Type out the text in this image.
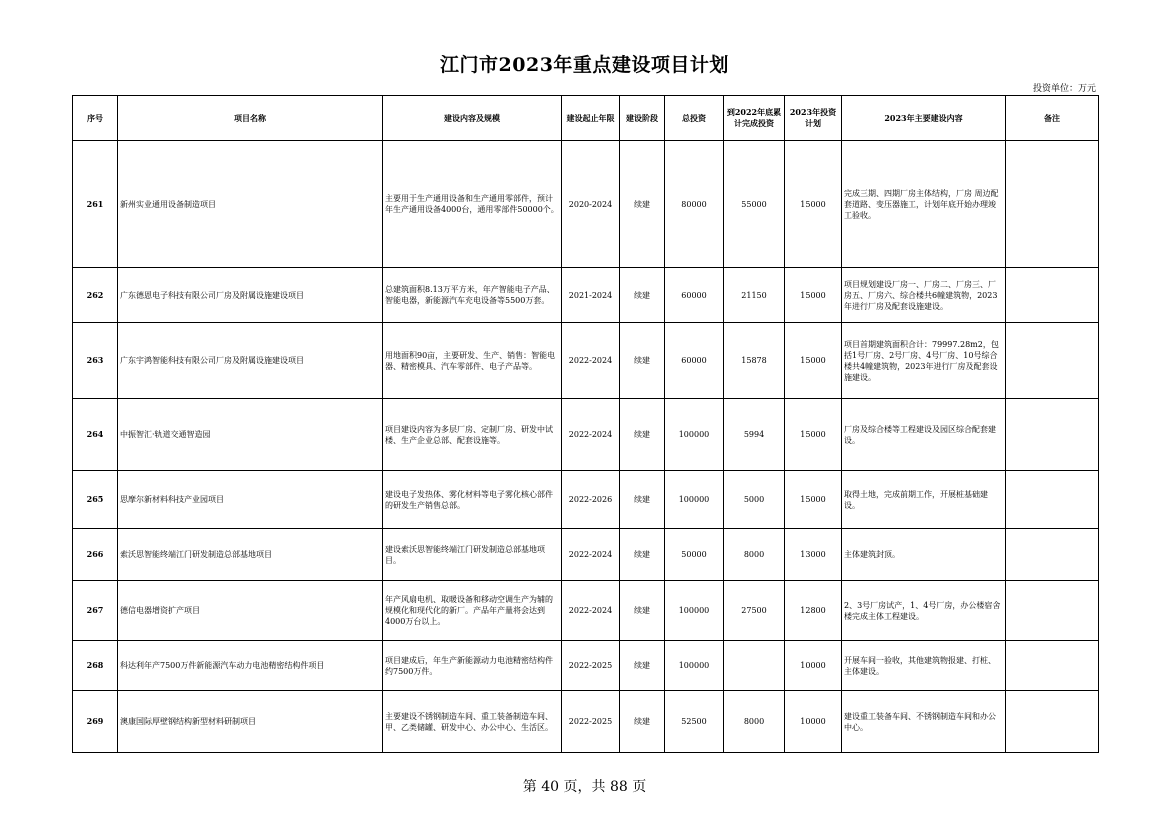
江门市2023年重点建设项目计划
投资单位：万元
序号	项目名称	建设内容及规模	建设起止年限	建设阶段	总投资	到2022年底累计完成投资	2023年投资计划	2023年主要建设内容	备注
261	新州实业通用设备制造项目	主要用于生产通用设备和生产通用零部件，预计年生产通用设备4000台，通用零部件50000个。	2020-2024	续建	80000	55000	15000	完成三期、四期厂房主体结构，厂房 周边配套道路、变压器施工，计划年底开始办理竣工验收。	
262	广东德恩电子科技有限公司厂房及附属设施建设项目	总建筑面积8.13万平方米，年产智能电子产品、智能电器，新能源汽车充电设备等5500万套。	2021-2024	续建	60000	21150	15000	项目规划建设厂房一、厂房二、厂房三、厂房五、厂房六、综合楼共6幢建筑物，2023年进行厂房及配套设施建设。	
263	广东宇鸿智能科技有限公司厂房及附属设施建设项目	用地面积90亩，主要研发、生产、销售：智能电器、精密模具、汽车零部件、电子产品等。	2022-2024	续建	60000	15878	15000	项目首期建筑面积合计：79997.28m2，包括1号厂房、2号厂房、4号厂房、10号综合楼共4幢建筑物，2023年进行厂房及配套设施建设。	
264	中振智汇·轨道交通智造园	项目建设内容为多层厂房、定制厂房、研发中试楼、生产企业总部、配套设施等。	2022-2024	续建	100000	5994	15000	厂房及综合楼等工程建设及园区综合配套建设。	
265	思摩尔新材料科技产业园项目	建设电子发热体、雾化材料等电子雾化核心部件的研发生产销售总部。	2022-2026	续建	100000	5000	15000	取得土地，完成前期工作，开展桩基础建设。	
266	索沃思智能终端江门研发制造总部基地项目	建设索沃思智能终端江门研发制造总部基地项目。	2022-2024	续建	50000	8000	13000	主体建筑封顶。	
267	德信电器增资扩产项目	年产风扇电机、取暖设备和移动空调生产为辅的规模化和现代化的新厂。产品年产量将会达到4000万台以上。	2022-2024	续建	100000	27500	12800	2、3号厂房试产，1、4号厂房，办公楼宿舍楼完成主体工程建设。	
268	科达利年产7500万件新能源汽车动力电池精密结构件项目	项目建成后，年生产新能源动力电池精密结构件约7500万件。	2022-2025	续建	100000		10000	开展车间一验收，其他建筑物报建、打桩、主体建设。	
269	澳康国际厚壁钢结构新型材料研制项目	主要建设不锈钢制造车间、重工装备制造车间、甲、乙类储罐、研发中心、办公中心、生活区。	2022-2025	续建	52500	8000	10000	建设重工装备车间、不锈钢制造车间和办公中心。	
第 40 页，共 88 页
